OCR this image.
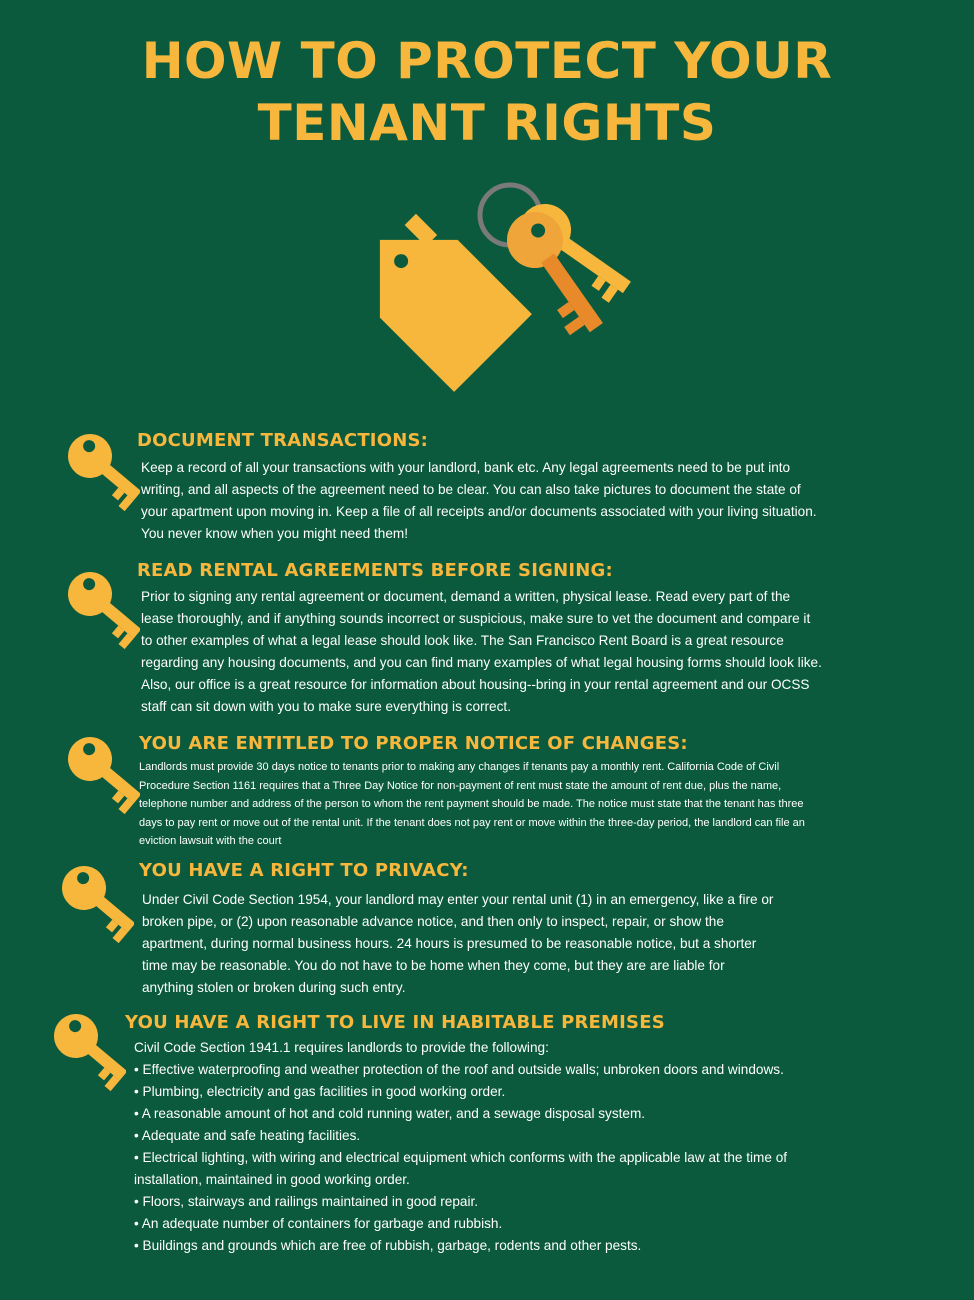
HOW TO PROTECT YOUR
TENANT RIGHTS
DOCUMENT TRANSACTIONS:
Keep a record of all your transactions with your landlord, bank etc. Any legal agreements need to be put into writing, and all aspects of the agreement need to be clear. You can also take pictures to document the state of your apartment upon moving in. Keep a file of all receipts and/or documents associated with your living situation. You never know when you might need them!
READ RENTAL AGREEMENTS BEFORE SIGNING:
Prior to signing any rental agreement or document, demand a written, physical lease. Read every part of the lease thoroughly, and if anything sounds incorrect or suspicious, make sure to vet the document and compare it to other examples of what a legal lease should look like. The San Francisco Rent Board is a great resource regarding any housing documents, and you can find many examples of what legal housing forms should look like. Also, our office is a great resource for information about housing--bring in your rental agreement and our OCSS staff can sit down with you to make sure everything is correct.
YOU ARE ENTITLED TO PROPER NOTICE OF CHANGES:
Landlords must provide 30 days notice to tenants prior to making any changes if tenants pay a monthly rent. California Code of Civil Procedure Section 1161 requires that a Three Day Notice for non-payment of rent must state the amount of rent due, plus the name, telephone number and address of the person to whom the rent payment should be made. The notice must state that the tenant has three days to pay rent or move out of the rental unit. If the tenant does not pay rent or move within the three-day period, the landlord can file an eviction lawsuit with the court
YOU HAVE A RIGHT TO PRIVACY:
Under Civil Code Section 1954, your landlord may enter your rental unit (1) in an emergency, like a fire or broken pipe, or (2) upon reasonable advance notice, and then only to inspect, repair, or show the apartment, during normal business hours. 24 hours is presumed to be reasonable notice, but a shorter time may be reasonable. You do not have to be home when they come, but they are are liable for anything stolen or broken during such entry.
YOU HAVE A RIGHT TO LIVE IN HABITABLE PREMISES
Civil Code Section 1941.1 requires landlords to provide the following:
• Effective waterproofing and weather protection of the roof and outside walls; unbroken doors and windows.
• Plumbing, electricity and gas facilities in good working order.
• A reasonable amount of hot and cold running water, and a sewage disposal system.
• Adequate and safe heating facilities.
• Electrical lighting, with wiring and electrical equipment which conforms with the applicable law at the time of installation, maintained in good working order.
• Floors, stairways and railings maintained in good repair.
• An adequate number of containers for garbage and rubbish.
• Buildings and grounds which are free of rubbish, garbage, rodents and other pests.
